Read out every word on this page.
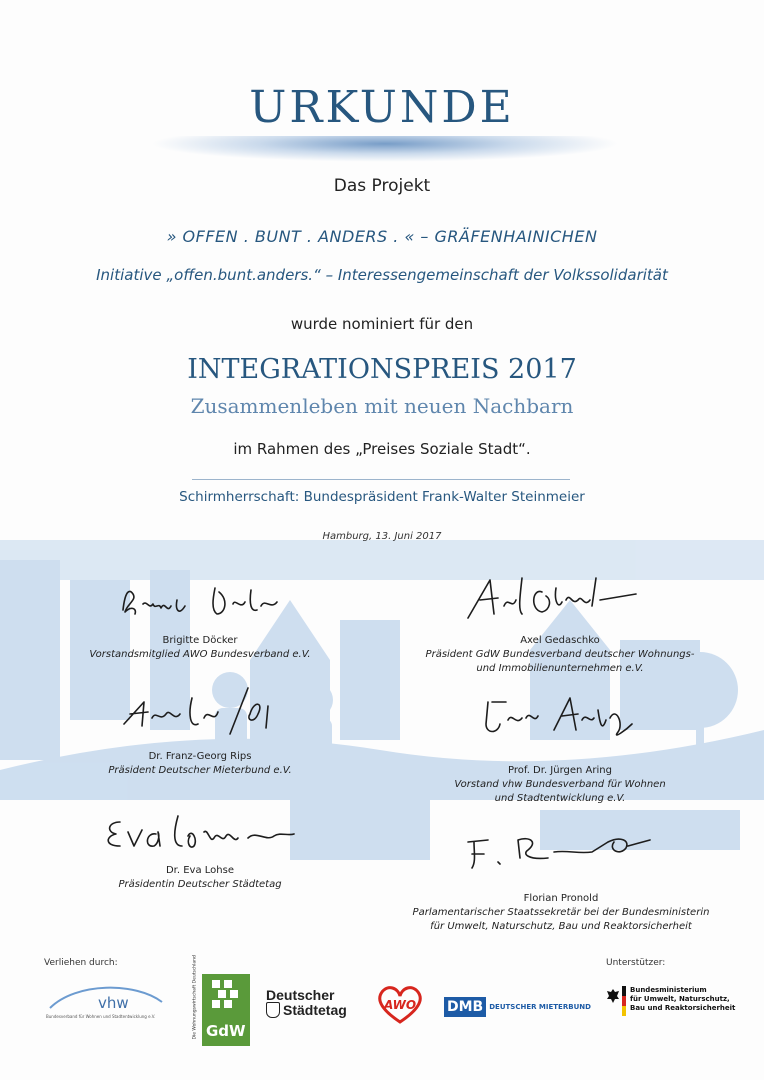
URKUNDE
Das Projekt
» OFFEN . BUNT . ANDERS . « – GRÄFENHAINICHEN
Initiative „offen.bunt.anders.“ – Interessengemeinschaft der Volkssolidarität
wurde nominiert für den
INTEGRATIONSPREIS 2017
Zusammenleben mit neuen Nachbarn
im Rahmen des „Preises Soziale Stadt“.
Schirmherrschaft: Bundespräsident Frank-Walter Steinmeier
Hamburg, 13. Juni 2017
Brigitte Döcker
Vorstandsmitglied AWO Bundesverband e.V.
Axel Gedaschko
Präsident GdW Bundesverband deutscher Wohnungs-
und Immobilienunternehmen e.V.
Dr. Franz-Georg Rips
Präsident Deutscher Mieterbund e.V.	Prof. Dr. Jürgen Aring
Vorstand vhw Bundesverband für Wohnen
und Stadtentwicklung e.V.
Dr. Eva Lohse
Präsidentin Deutscher Städtetag
Florian Pronold
Parlamentarischer Staatssekretär bei der Bundesministerin
für Umwelt, Naturschutz, Bau und Reaktorsicherheit
Verliehen durch:	Unterstützer:
vhw
Bundesverband für Wohnen und Stadtentwicklung e.V.	Die Wohnungswirtschaft Deutschland GdW
Deutscher
Städtetag	AWO DMB DEUTSCHER MIETERBUND
Bundesministerium
für Umwelt, Naturschutz,
Bau und Reaktorsicherheit
